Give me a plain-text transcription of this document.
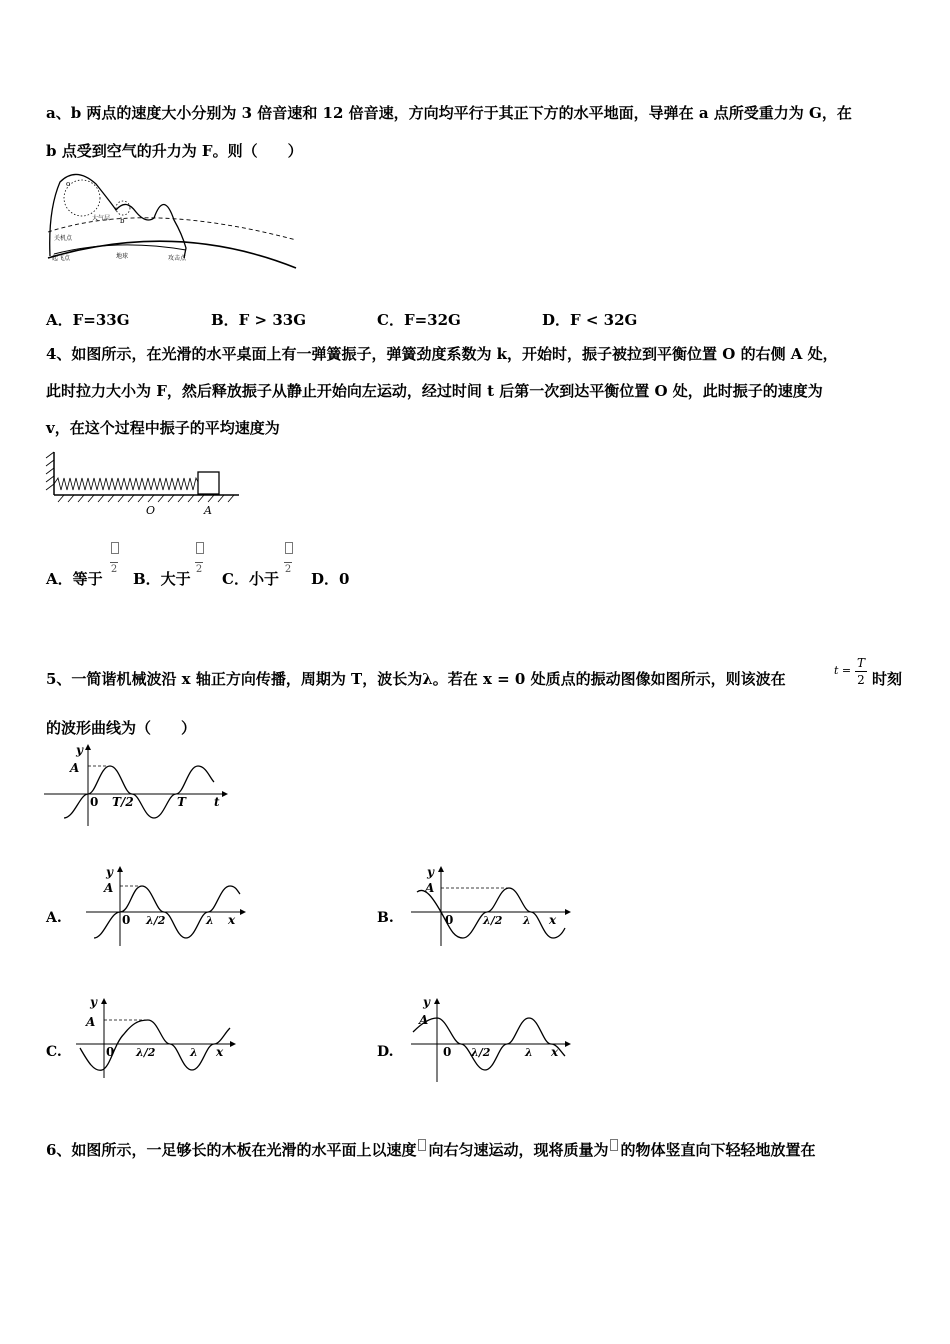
a、b 两点的速度大小分别为 3 倍音速和 12 倍音速，方向均平行于其正下方的水平地面，导弹在 a 点所受重力为 G，在
b 点受到空气的升力为 F。则（　　）
o
b
大气层
关机点
起飞点	地球	攻击点
A．F=33G	B．F > 33G	C．F=32G	D．F < 32G
4、如图所示，在光滑的水平桌面上有一弹簧振子，弹簧劲度系数为 k，开始时，振子被拉到平衡位置 O 的右侧 A 处，
此时拉力大小为 F，然后释放振子从静止开始向左运动，经过时间 t 后第一次到达平衡位置 O 处，此时振子的速度为
v，在这个过程中振子的平均速度为
O	A
2	2	2
A．等于 B．大于 C．小于 D．0
5、一简谐机械波沿 x 轴正方向传播，周期为 T，波长为λ。若在 x = 0 处质点的振动图像如图所示，则该波在	t =
T
2 时刻
的波形曲线为（　　）
y
A
0 T/2	T t
A.
y
A
0 λ/2	λ x	B.
y
A
0	λ/2 λ x
C.
y
A
0 λ/2	λ x	D.
y
A
0 λ/2	λ x
6、如图所示，一足够长的木板在光滑的水平面上以速度 向右匀速运动，现将质量为 的物体竖直向下轻轻地放置在
